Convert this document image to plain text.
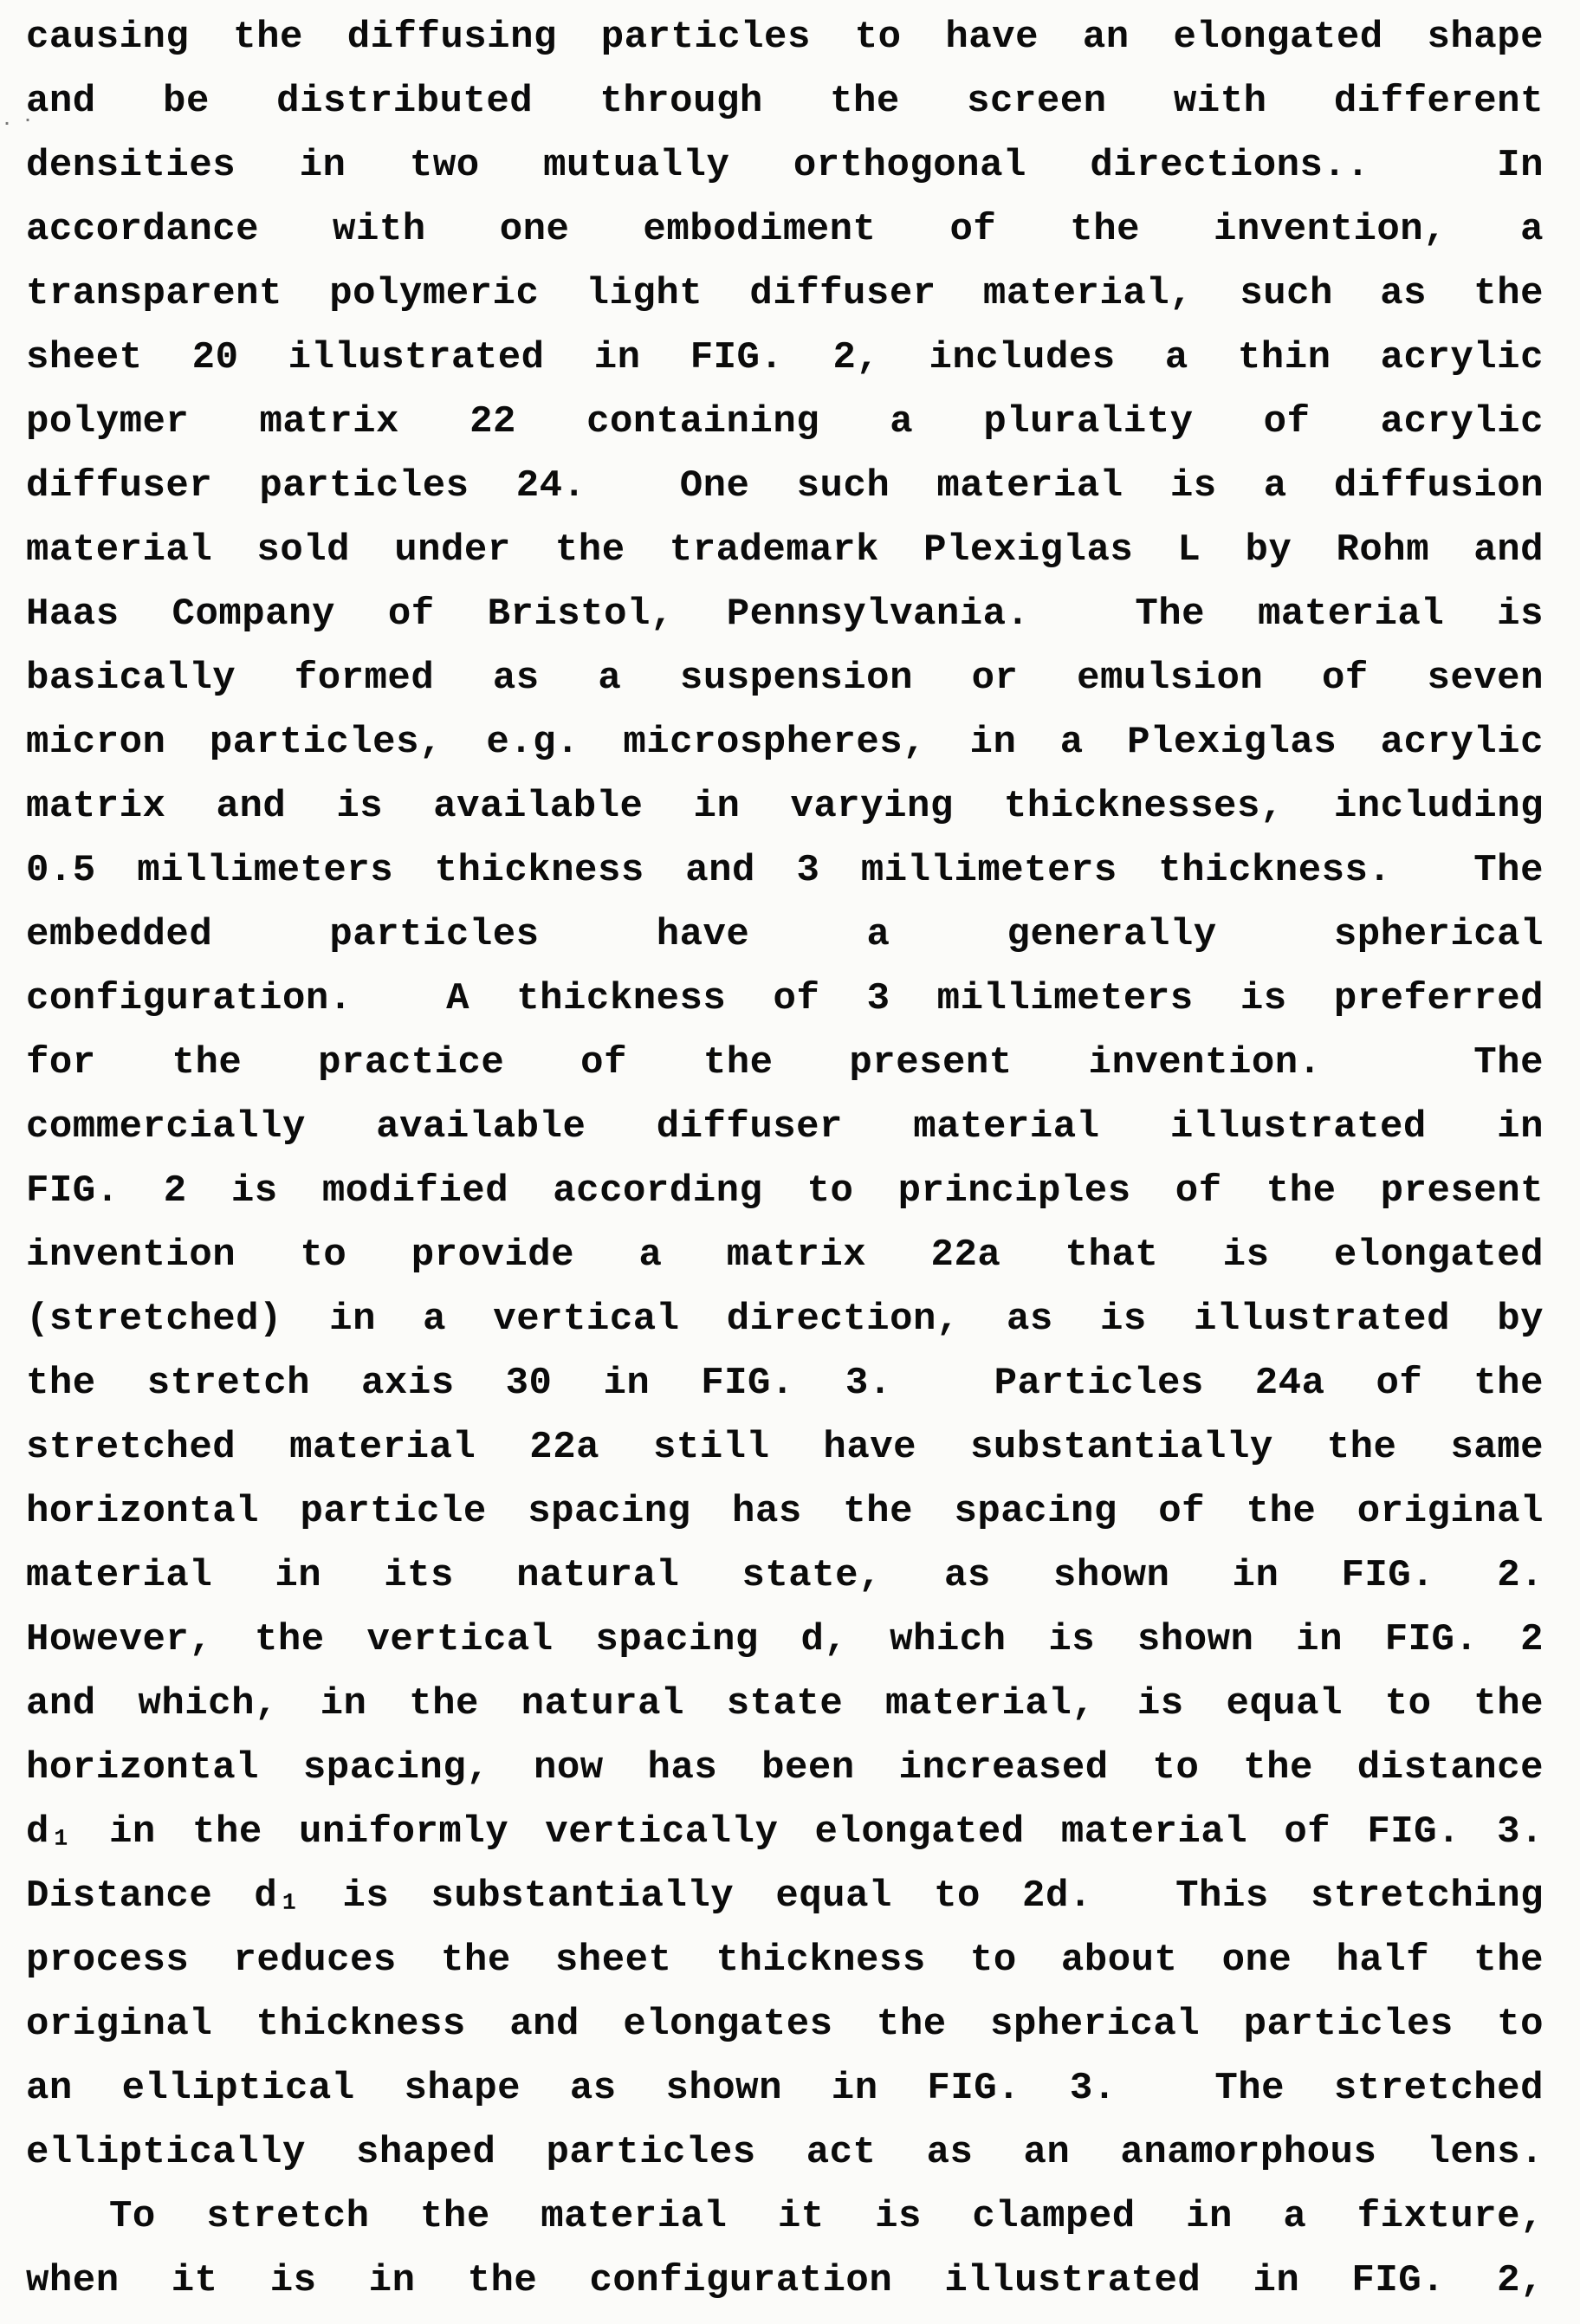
. ·
causing the diffusing particles to have an elongated shape
and be distributed through the screen with different
densities in two mutually orthogonal directions..  In
accordance with one embodiment of the invention, a
transparent polymeric light diffuser material, such as the
sheet 20 illustrated in FIG. 2, includes a thin acrylic
polymer matrix 22 containing a plurality of acrylic
diffuser particles 24.  One such material is a diffusion
material sold under the trademark Plexiglas L by Rohm and
Haas Company of Bristol, Pennsylvania.  The material is
basically formed as a suspension or emulsion of seven
micron particles, e.g. microspheres, in a Plexiglas acrylic
matrix and is available in varying thicknesses, including
0.5 millimeters thickness and 3 millimeters thickness.  The
embedded particles have a generally spherical
configuration.  A thickness of 3 millimeters is preferred
for the practice of the present invention.  The
commercially available diffuser material illustrated in
FIG. 2 is modified according to principles of the present
invention to provide a matrix 22a that is elongated
(stretched) in a vertical direction, as is illustrated by
the stretch axis 30 in FIG. 3.  Particles 24a of the
stretched material 22a still have substantially the same
horizontal particle spacing has the spacing of the original
material in its natural state, as shown in FIG. 2.
However, the vertical spacing d, which is shown in FIG. 2
and which, in the natural state material, is equal to the
horizontal spacing, now has been increased to the distance
d₁ in the uniformly vertically elongated material of FIG. 3.
Distance d₁ is substantially equal to 2d.  This stretching
process reduces the sheet thickness to about one half the
original thickness and elongates the spherical particles to
an elliptical shape as shown in FIG. 3.  The stretched
elliptically shaped particles act as an anamorphous lens.
To stretch the material it is clamped in a fixture,
when it is in the configuration illustrated in FIG. 2,
